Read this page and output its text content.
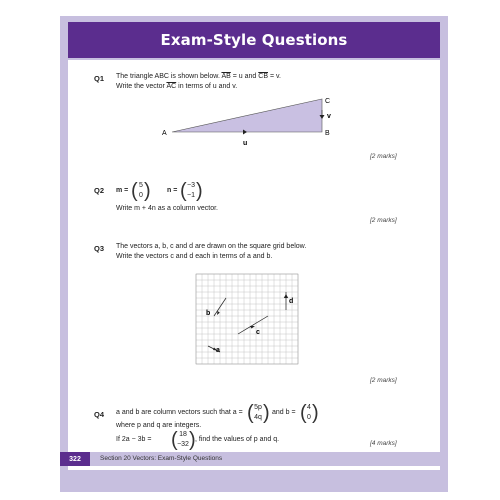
Exam-Style Questions
Q1 The triangle ABC is shown below. $\overline{AB} = u$ and $\overline{CB} = v$.
Write the vector $\overline{AC}$ in terms of u and v.
A	B
C
u
v
[2 marks]
Q2 m = ( 5
0 ) n = ( −3
−1 )
Write m + 4n as a column vector.
[2 marks]
Q3 The vectors a, b, c and d are drawn on the square grid below.
Write the vectors c and d each in terms of a and b.
b
c
a
d
[2 marks]
Q4 a and b are column vectors such that a = ( 5p
4q ) and b = ( 4
0 )
where p and q are integers.
If 2a − 3b = ( 18
−32 ) , find the values of p and q.
[4 marks]
322	Section 20 Vectors: Exam-Style Questions
